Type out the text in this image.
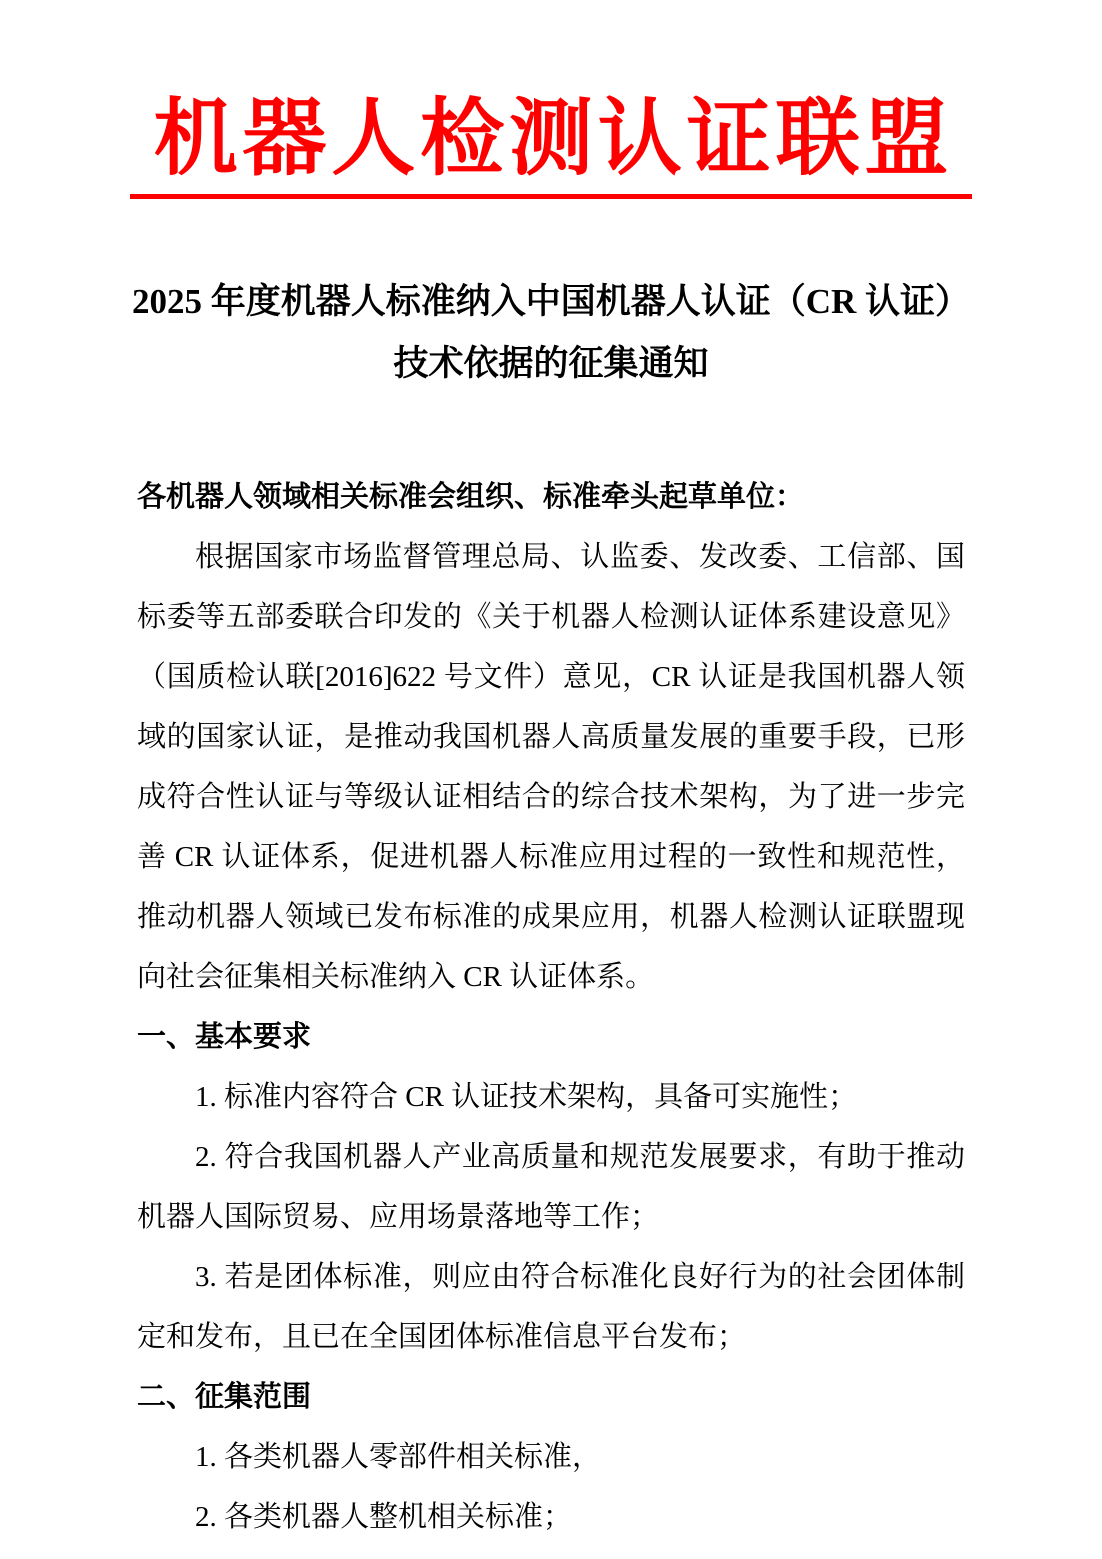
机 器 人 检 测 认 证 联 盟
2025 年度机器人标准纳入中国机器人认证（CR 认证）
技术依据的征集通知

各机器人领域相关标准会组织、标准牵头起草单位：

根据国家市场监督管理总局、认监委、发改委、工信部、国标委等五部委联合印发的《关于机器人检测认证体系建设意见》（国质检认联[2016]622 号文件）意见，CR 认证是我国机器人领域的国家认证，是推动我国机器人高质量发展的重要手段，已形成符合性认证与等级认证相结合的综合技术架构，为了进一步完善 CR 认证体系，促进机器人标准应用过程的一致性和规范性，推动机器人领域已发布标准的成果应用，机器人检测认证联盟现向社会征集相关标准纳入 CR 认证体系。

一、基本要求

1. 标准内容符合 CR 认证技术架构，具备可实施性；

2. 符合我国机器人产业高质量和规范发展要求，有助于推动机器人国际贸易、应用场景落地等工作；

3. 若是团体标准，则应由符合标准化良好行为的社会团体制定和发布，且已在全国团体标准信息平台发布；

二、征集范围

1. 各类机器人零部件相关标准，

2. 各类机器人整机相关标准；
